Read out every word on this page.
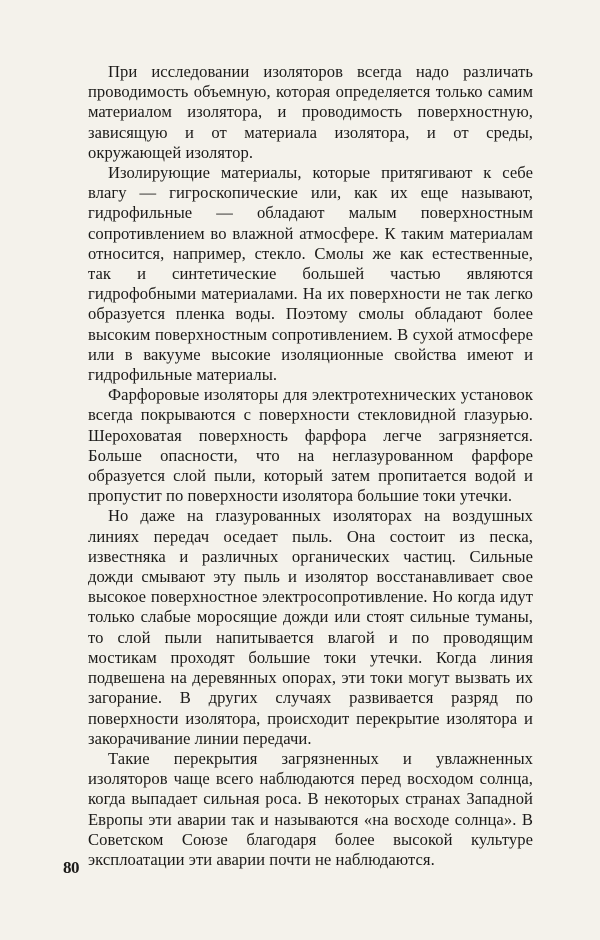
При исследовании изоляторов всегда надо различать проводимость объемную, которая определяется только самим материалом изолятора, и проводимость поверхностную, зависящую и от материала изолятора, и от среды, окружающей изолятор.

Изолирующие материалы, которые притягивают к себе влагу — гигроскопические или, как их еще называют, гидрофильные — обладают малым поверхностным сопротивлением во влажной атмосфере. К таким материалам относится, например, стекло. Смолы же как естественные, так и синтетические большей частью являются гидрофобными материалами. На их поверхности не так легко образуется пленка воды. Поэтому смолы обладают более высоким поверхностным сопротивлением. В сухой атмосфере или в вакууме высокие изоляционные свойства имеют и гидрофильные материалы.

Фарфоровые изоляторы для электротехнических установок всегда покрываются с поверхности стекловидной глазурью. Шероховатая поверхность фарфора легче загрязняется. Больше опасности, что на неглазурованном фарфоре образуется слой пыли, который затем пропитается водой и пропустит по поверхности изолятора большие токи утечки.

Но даже на глазурованных изоляторах на воздушных линиях передач оседает пыль. Она состоит из песка, известняка и различных органических частиц. Сильные дожди смывают эту пыль и изолятор восстанавливает свое высокое поверхностное электросопротивление. Но когда идут только слабые моросящие дожди или стоят сильные туманы, то слой пыли напитывается влагой и по проводящим мостикам проходят большие токи утечки. Когда линия подвешена на деревянных опорах, эти токи могут вызвать их загорание. В других случаях развивается разряд по поверхности изолятора, происходит перекрытие изолятора и закорачивание линии передачи.

Такие перекрытия загрязненных и увлажненных изоляторов чаще всего наблюдаются перед восходом солнца, когда выпадает сильная роса. В некоторых странах Западной Европы эти аварии так и называются «на восходе солнца». В Советском Союзе благодаря более высокой культуре эксплоатации эти аварии почти не наблюдаются.

80
